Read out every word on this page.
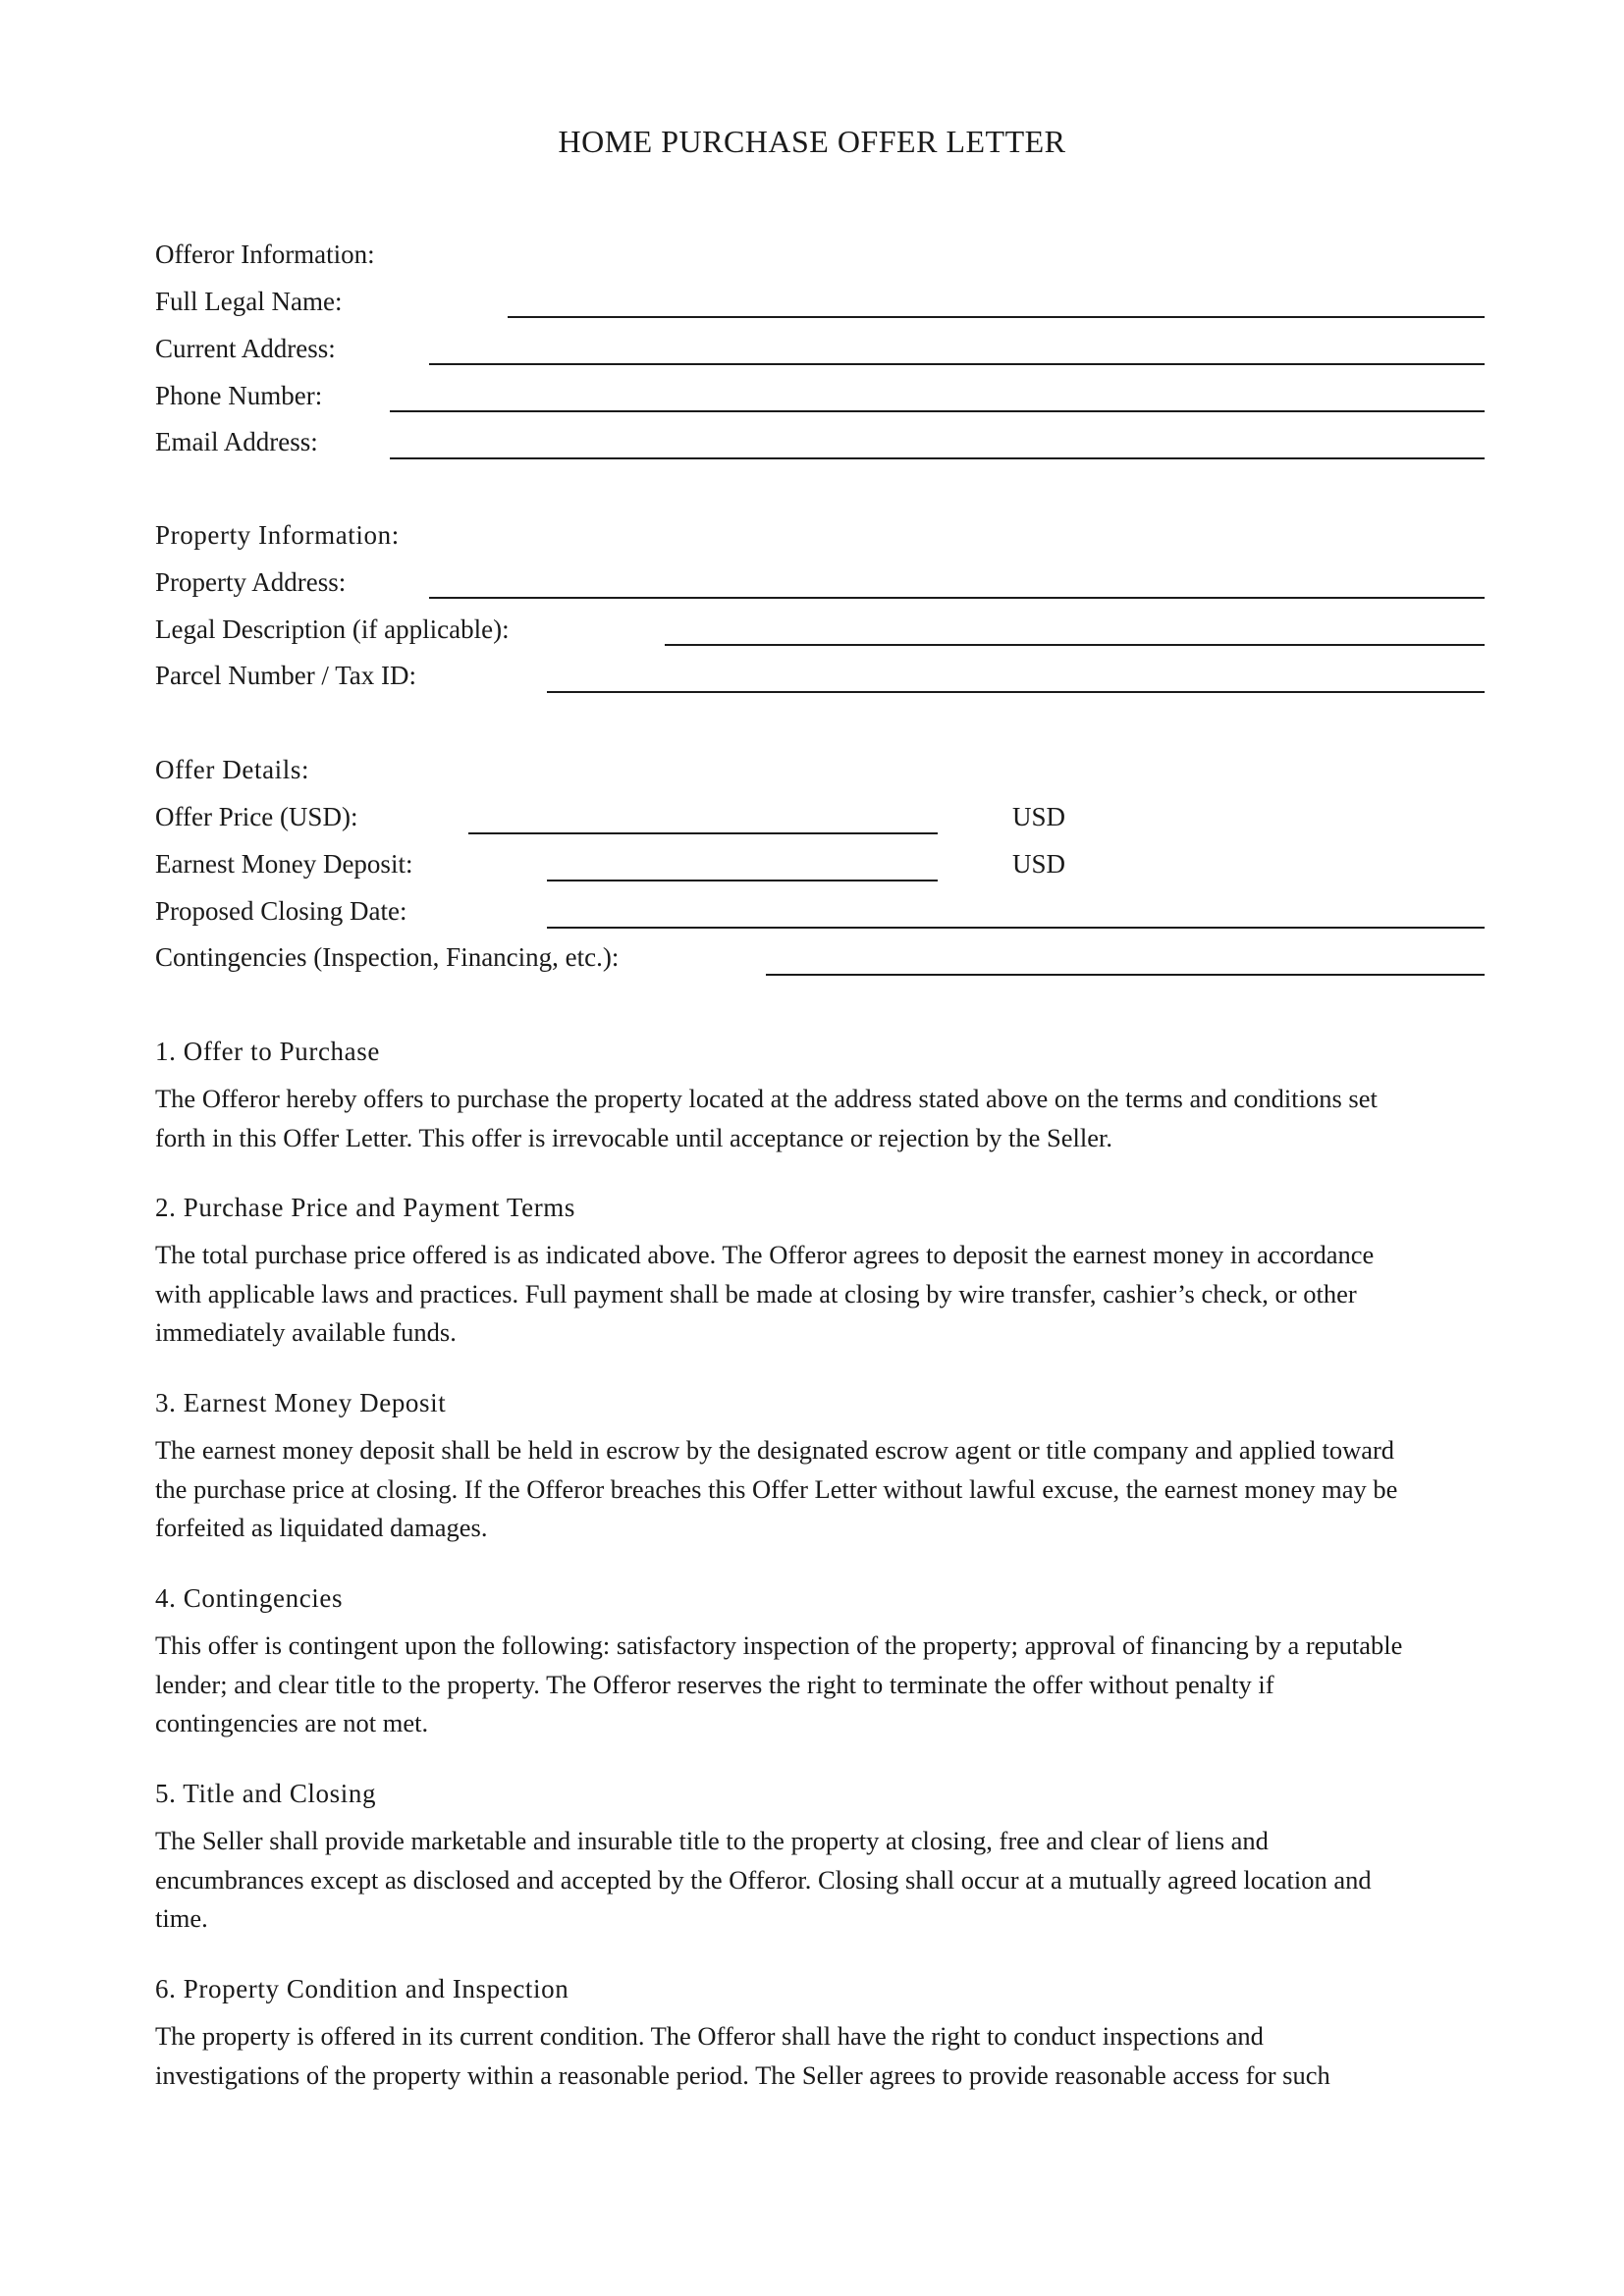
HOME PURCHASE OFFER LETTER
Offeror Information:
Full Legal Name:
Current Address:
Phone Number:
Email Address:
Property Information:
Property Address:
Legal Description (if applicable):
Parcel Number / Tax ID:
Offer Details:
Offer Price (USD):	USD
Earnest Money Deposit:	USD
Proposed Closing Date:
Contingencies (Inspection, Financing, etc.):
1. Offer to Purchase
The Offeror hereby offers to purchase the property located at the address stated above on the terms and conditions set
forth in this Offer Letter. This offer is irrevocable until acceptance or rejection by the Seller.
2. Purchase Price and Payment Terms
The total purchase price offered is as indicated above. The Offeror agrees to deposit the earnest money in accordance
with applicable laws and practices. Full payment shall be made at closing by wire transfer, cashier’s check, or other
immediately available funds.
3. Earnest Money Deposit
The earnest money deposit shall be held in escrow by the designated escrow agent or title company and applied toward
the purchase price at closing. If the Offeror breaches this Offer Letter without lawful excuse, the earnest money may be
forfeited as liquidated damages.
4. Contingencies
This offer is contingent upon the following: satisfactory inspection of the property; approval of financing by a reputable
lender; and clear title to the property. The Offeror reserves the right to terminate the offer without penalty if
contingencies are not met.
5. Title and Closing
The Seller shall provide marketable and insurable title to the property at closing, free and clear of liens and
encumbrances except as disclosed and accepted by the Offeror. Closing shall occur at a mutually agreed location and
time.
6. Property Condition and Inspection
The property is offered in its current condition. The Offeror shall have the right to conduct inspections and
investigations of the property within a reasonable period. The Seller agrees to provide reasonable access for such
